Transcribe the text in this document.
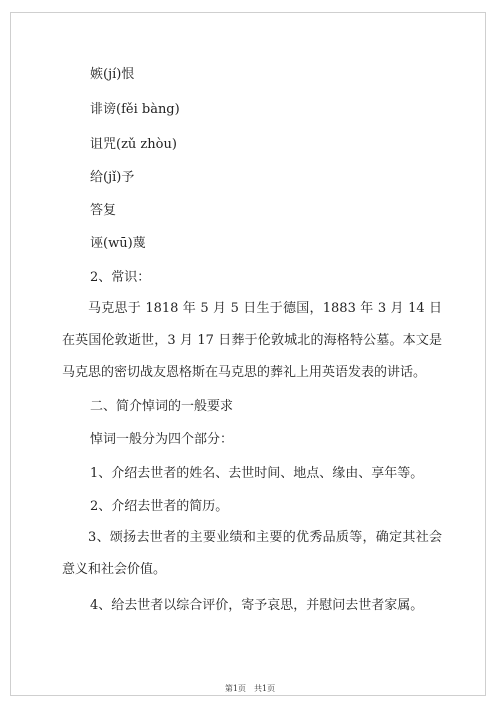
嫉(jí)恨
诽谤(fěi bàng)
诅咒(zǔ zhòu)
给(jǐ)予
答复
诬(wū)蔑
2、常识：
马克思于 1818 年 5 月 5 日生于德国，1883 年 3 月 14 日在英国伦敦逝世，3 月 17 日葬于伦敦城北的海格特公墓。本文是马克思的密切战友恩格斯在马克思的葬礼上用英语发表的讲话。
二、简介悼词的一般要求
悼词一般分为四个部分：
1、介绍去世者的姓名、去世时间、地点、缘由、享年等。
2、介绍去世者的简历。
3、颂扬去世者的主要业绩和主要的优秀品质等，确定其社会意义和社会价值。
4、给去世者以综合评价，寄予哀思，并慰问去世者家属。
第1页　共1页
